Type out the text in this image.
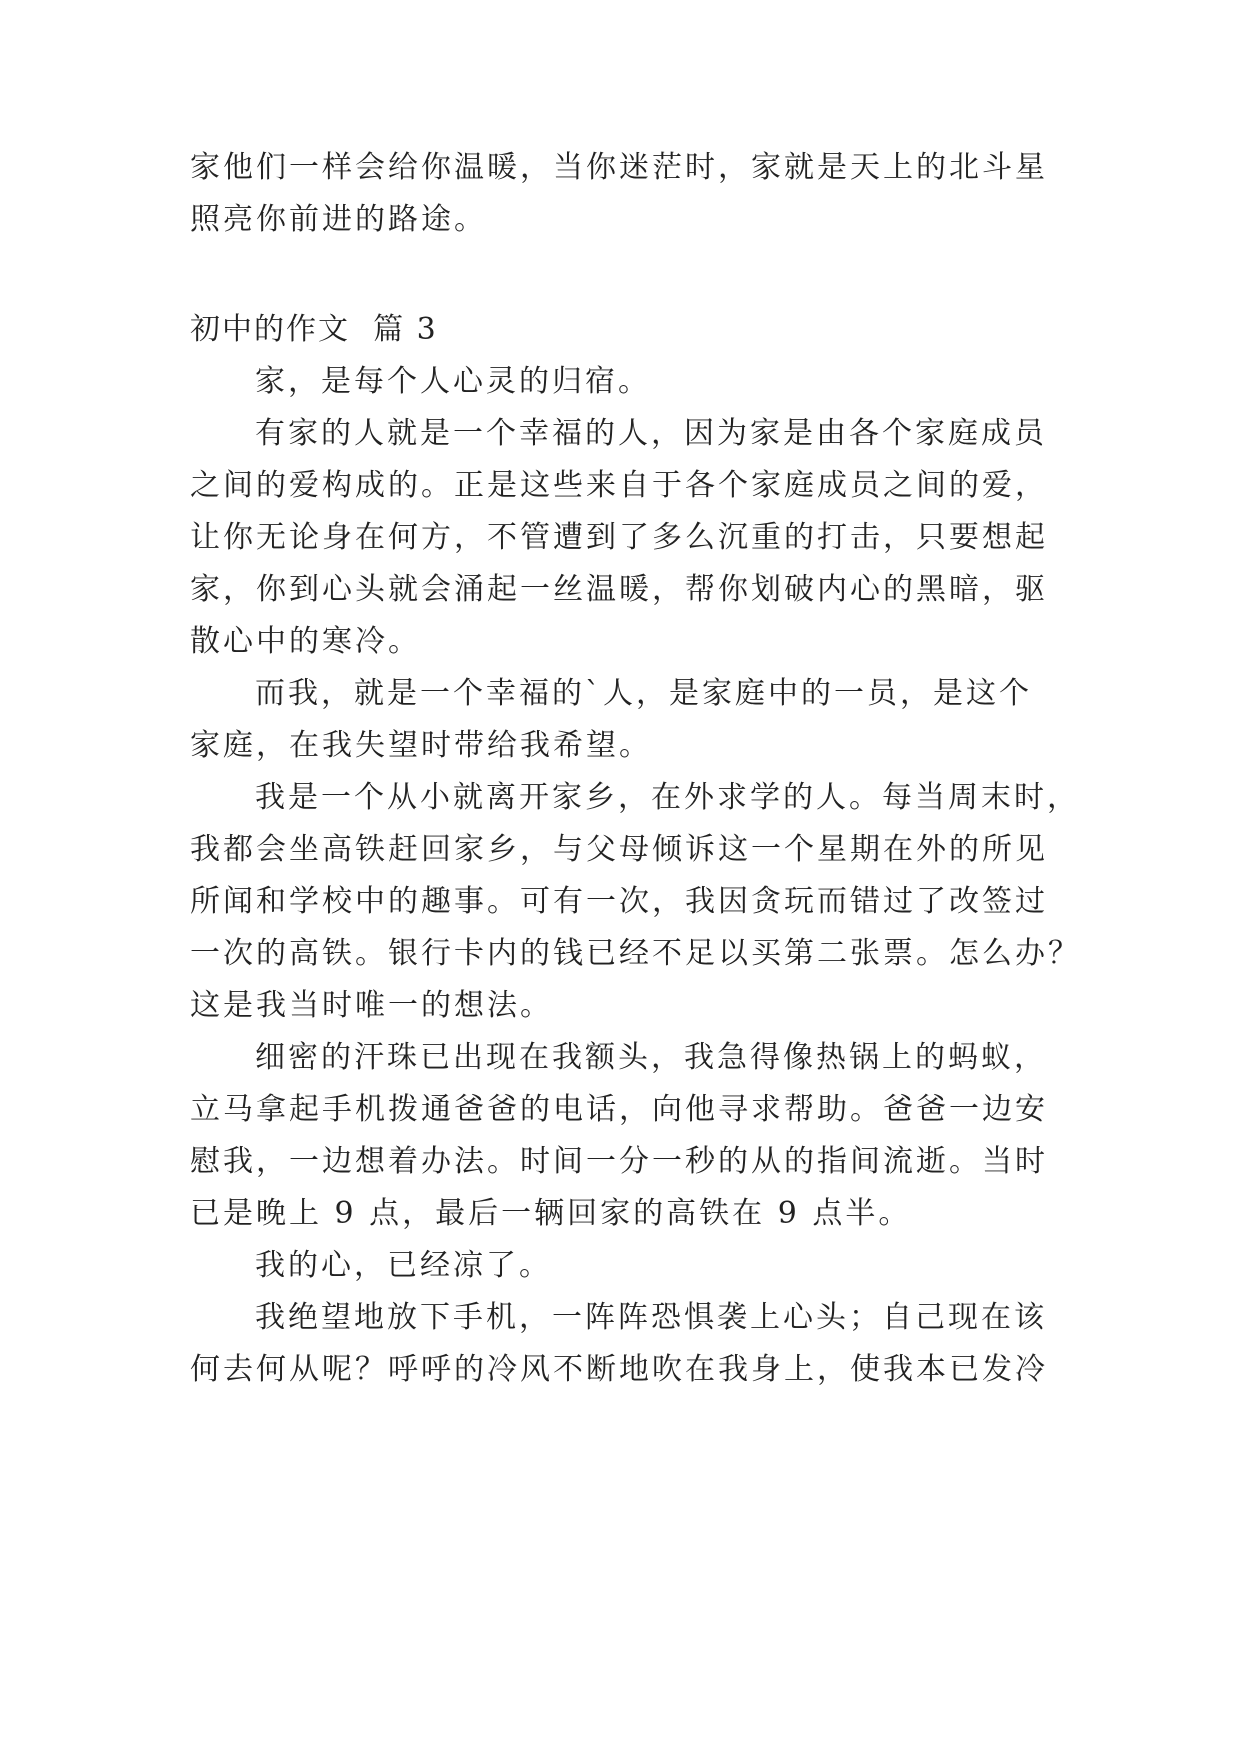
家他们一样会给你温暖，当你迷茫时，家就是天上的北斗星
照亮你前进的路途。
初中的作文  篇 3
家，是每个人心灵的归宿。
有家的人就是一个幸福的人，因为家是由各个家庭成员
之间的爱构成的。正是这些来自于各个家庭成员之间的爱，
让你无论身在何方，不管遭到了多么沉重的打击，只要想起
家，你到心头就会涌起一丝温暖，帮你划破内心的黑暗，驱
散心中的寒冷。
而我，就是一个幸福的`人，是家庭中的一员，是这个
家庭，在我失望时带给我希望。
我是一个从小就离开家乡，在外求学的人。每当周末时，
我都会坐高铁赶回家乡，与父母倾诉这一个星期在外的所见
所闻和学校中的趣事。可有一次，我因贪玩而错过了改签过
一次的高铁。银行卡内的钱已经不足以买第二张票。怎么办？
这是我当时唯一的想法。
细密的汗珠已出现在我额头，我急得像热锅上的蚂蚁，
立马拿起手机拨通爸爸的电话，向他寻求帮助。爸爸一边安
慰我，一边想着办法。时间一分一秒的从的指间流逝。当时
已是晚上 9 点，最后一辆回家的高铁在 9 点半。
我的心，已经凉了。
我绝望地放下手机，一阵阵恐惧袭上心头；自己现在该
何去何从呢？呼呼的冷风不断地吹在我身上，使我本已发冷
